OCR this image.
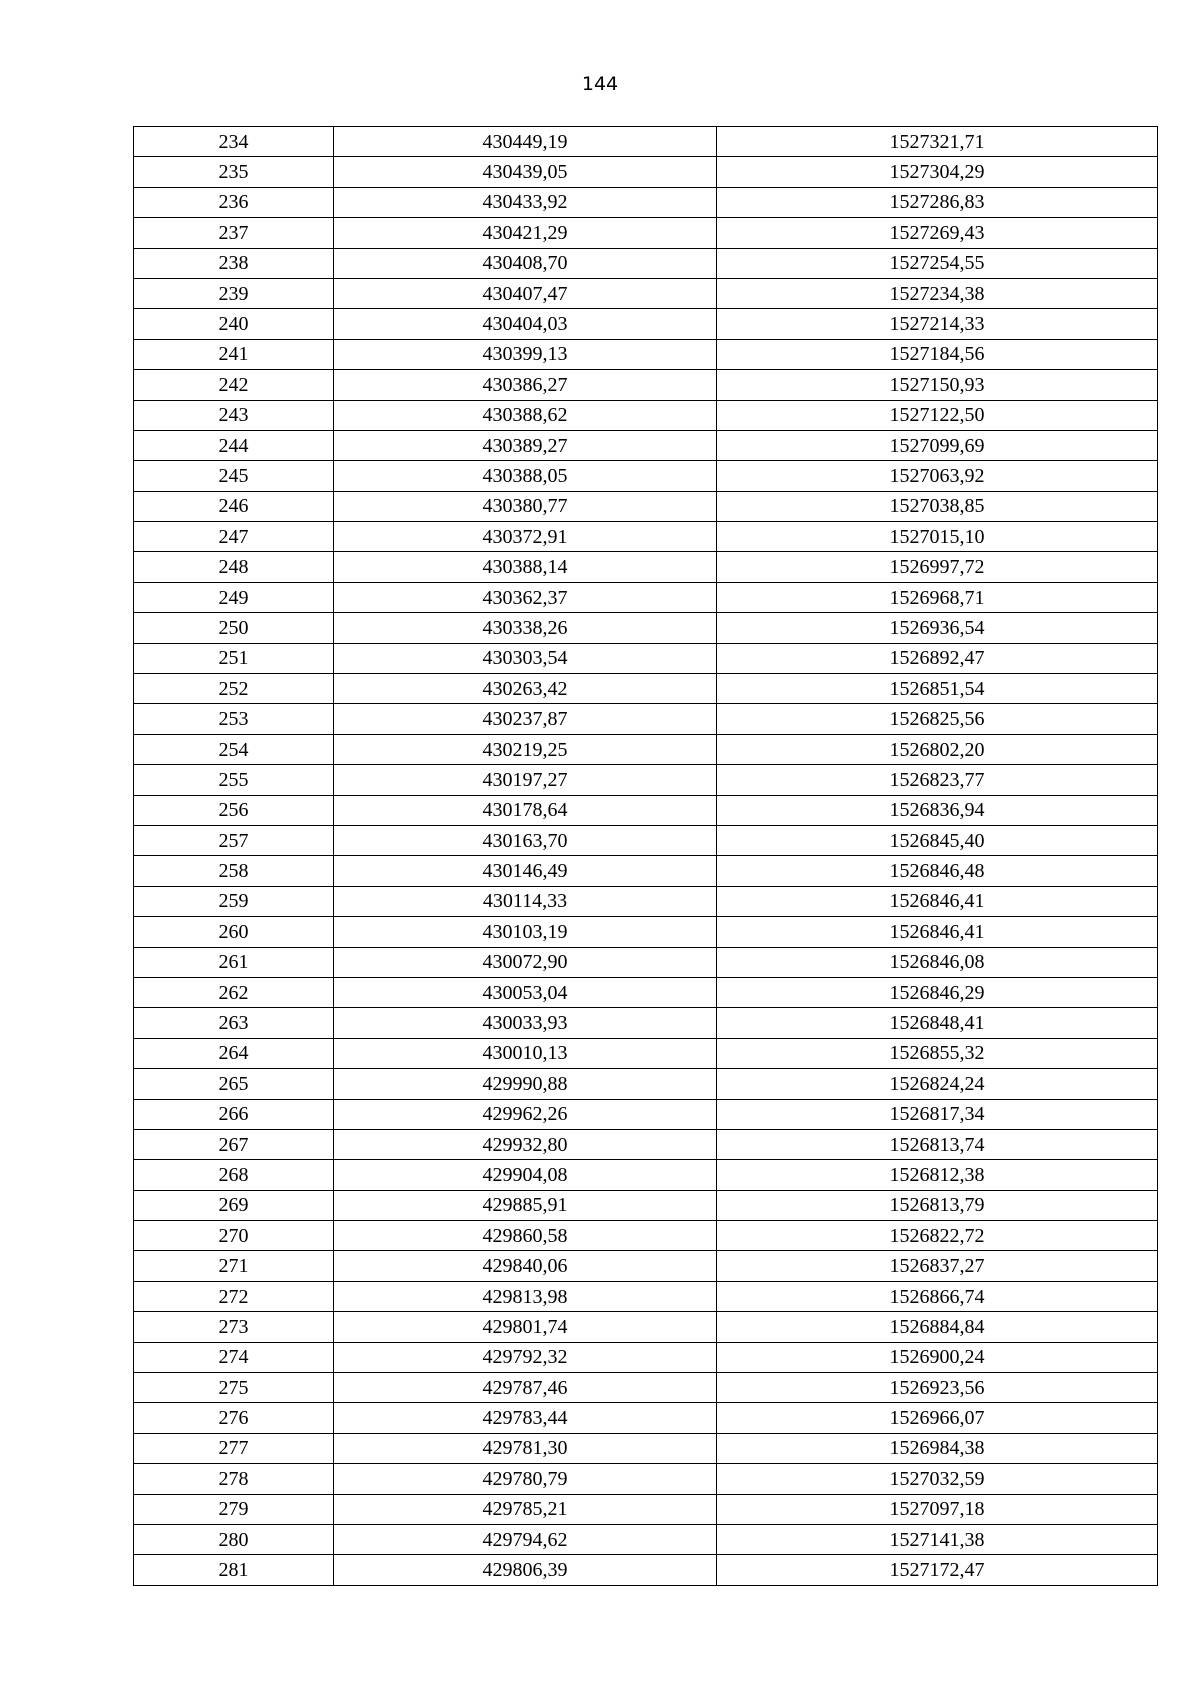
144
234	430449,19	1527321,71
235	430439,05	1527304,29
236	430433,92	1527286,83
237	430421,29	1527269,43
238	430408,70	1527254,55
239	430407,47	1527234,38
240	430404,03	1527214,33
241	430399,13	1527184,56
242	430386,27	1527150,93
243	430388,62	1527122,50
244	430389,27	1527099,69
245	430388,05	1527063,92
246	430380,77	1527038,85
247	430372,91	1527015,10
248	430388,14	1526997,72
249	430362,37	1526968,71
250	430338,26	1526936,54
251	430303,54	1526892,47
252	430263,42	1526851,54
253	430237,87	1526825,56
254	430219,25	1526802,20
255	430197,27	1526823,77
256	430178,64	1526836,94
257	430163,70	1526845,40
258	430146,49	1526846,48
259	430114,33	1526846,41
260	430103,19	1526846,41
261	430072,90	1526846,08
262	430053,04	1526846,29
263	430033,93	1526848,41
264	430010,13	1526855,32
265	429990,88	1526824,24
266	429962,26	1526817,34
267	429932,80	1526813,74
268	429904,08	1526812,38
269	429885,91	1526813,79
270	429860,58	1526822,72
271	429840,06	1526837,27
272	429813,98	1526866,74
273	429801,74	1526884,84
274	429792,32	1526900,24
275	429787,46	1526923,56
276	429783,44	1526966,07
277	429781,30	1526984,38
278	429780,79	1527032,59
279	429785,21	1527097,18
280	429794,62	1527141,38
281	429806,39	1527172,47
